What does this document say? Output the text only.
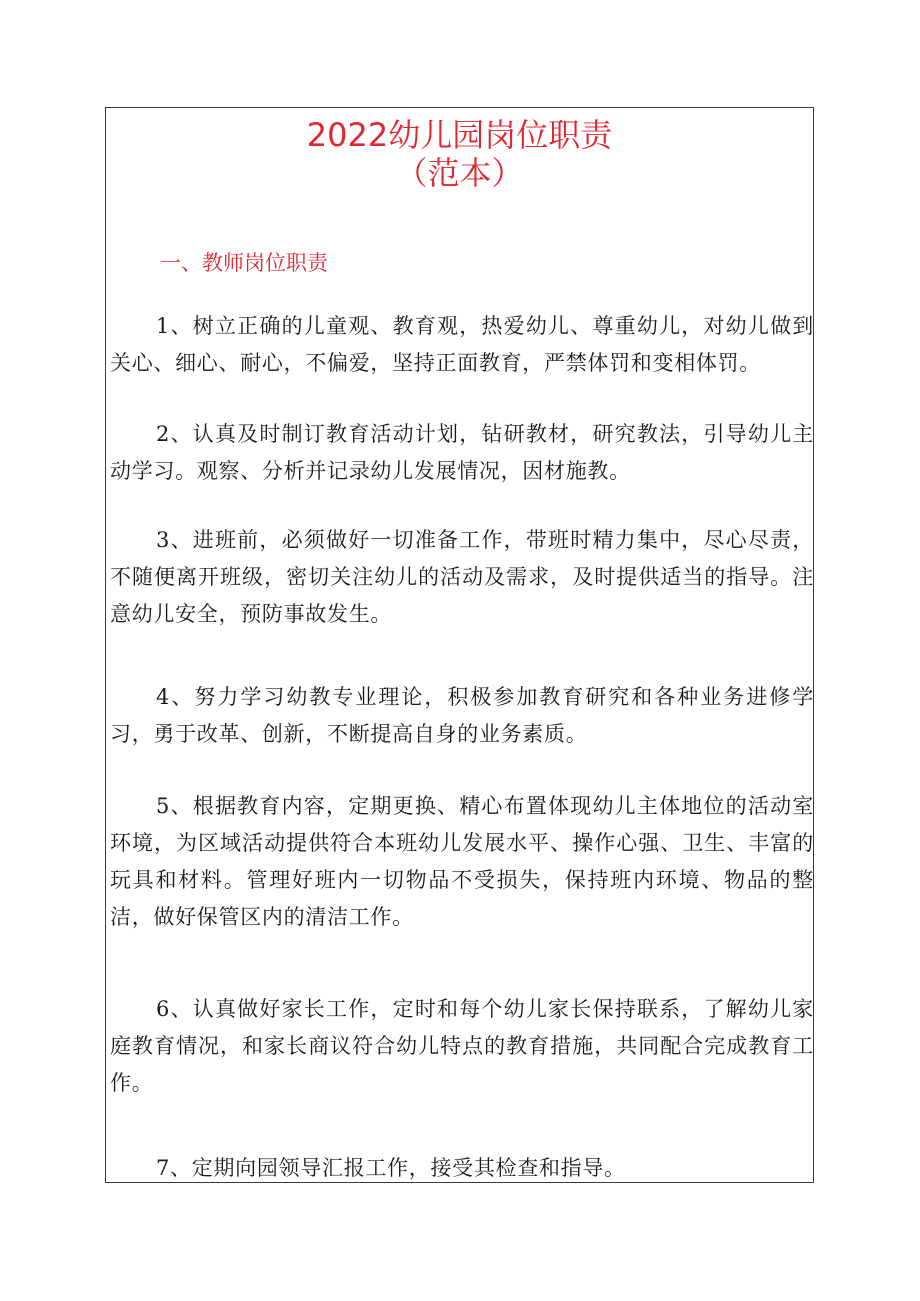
2022幼儿园岗位职责
（范本）
一、教师岗位职责

1、树立正确的儿童观、教育观，热爱幼儿、尊重幼儿，对幼儿做到关心、细心、耐心，不偏爱，坚持正面教育，严禁体罚和变相体罚。

2、认真及时制订教育活动计划，钻研教材，研究教法，引导幼儿主动学习。观察、分析并记录幼儿发展情况，因材施教。

3、进班前，必须做好一切准备工作，带班时精力集中，尽心尽责，不随便离开班级，密切关注幼儿的活动及需求，及时提供适当的指导。注意幼儿安全，预防事故发生。

4、努力学习幼教专业理论，积极参加教育研究和各种业务进修学习，勇于改革、创新，不断提高自身的业务素质。

5、根据教育内容，定期更换、精心布置体现幼儿主体地位的活动室环境，为区域活动提供符合本班幼儿发展水平、操作心强、卫生、丰富的玩具和材料。管理好班内一切物品不受损失，保持班内环境、物品的整洁，做好保管区内的清洁工作。

6、认真做好家长工作，定时和每个幼儿家长保持联系，了解幼儿家庭教育情况，和家长商议符合幼儿特点的教育措施，共同配合完成教育工作。

7、定期向园领导汇报工作，接受其检查和指导。
